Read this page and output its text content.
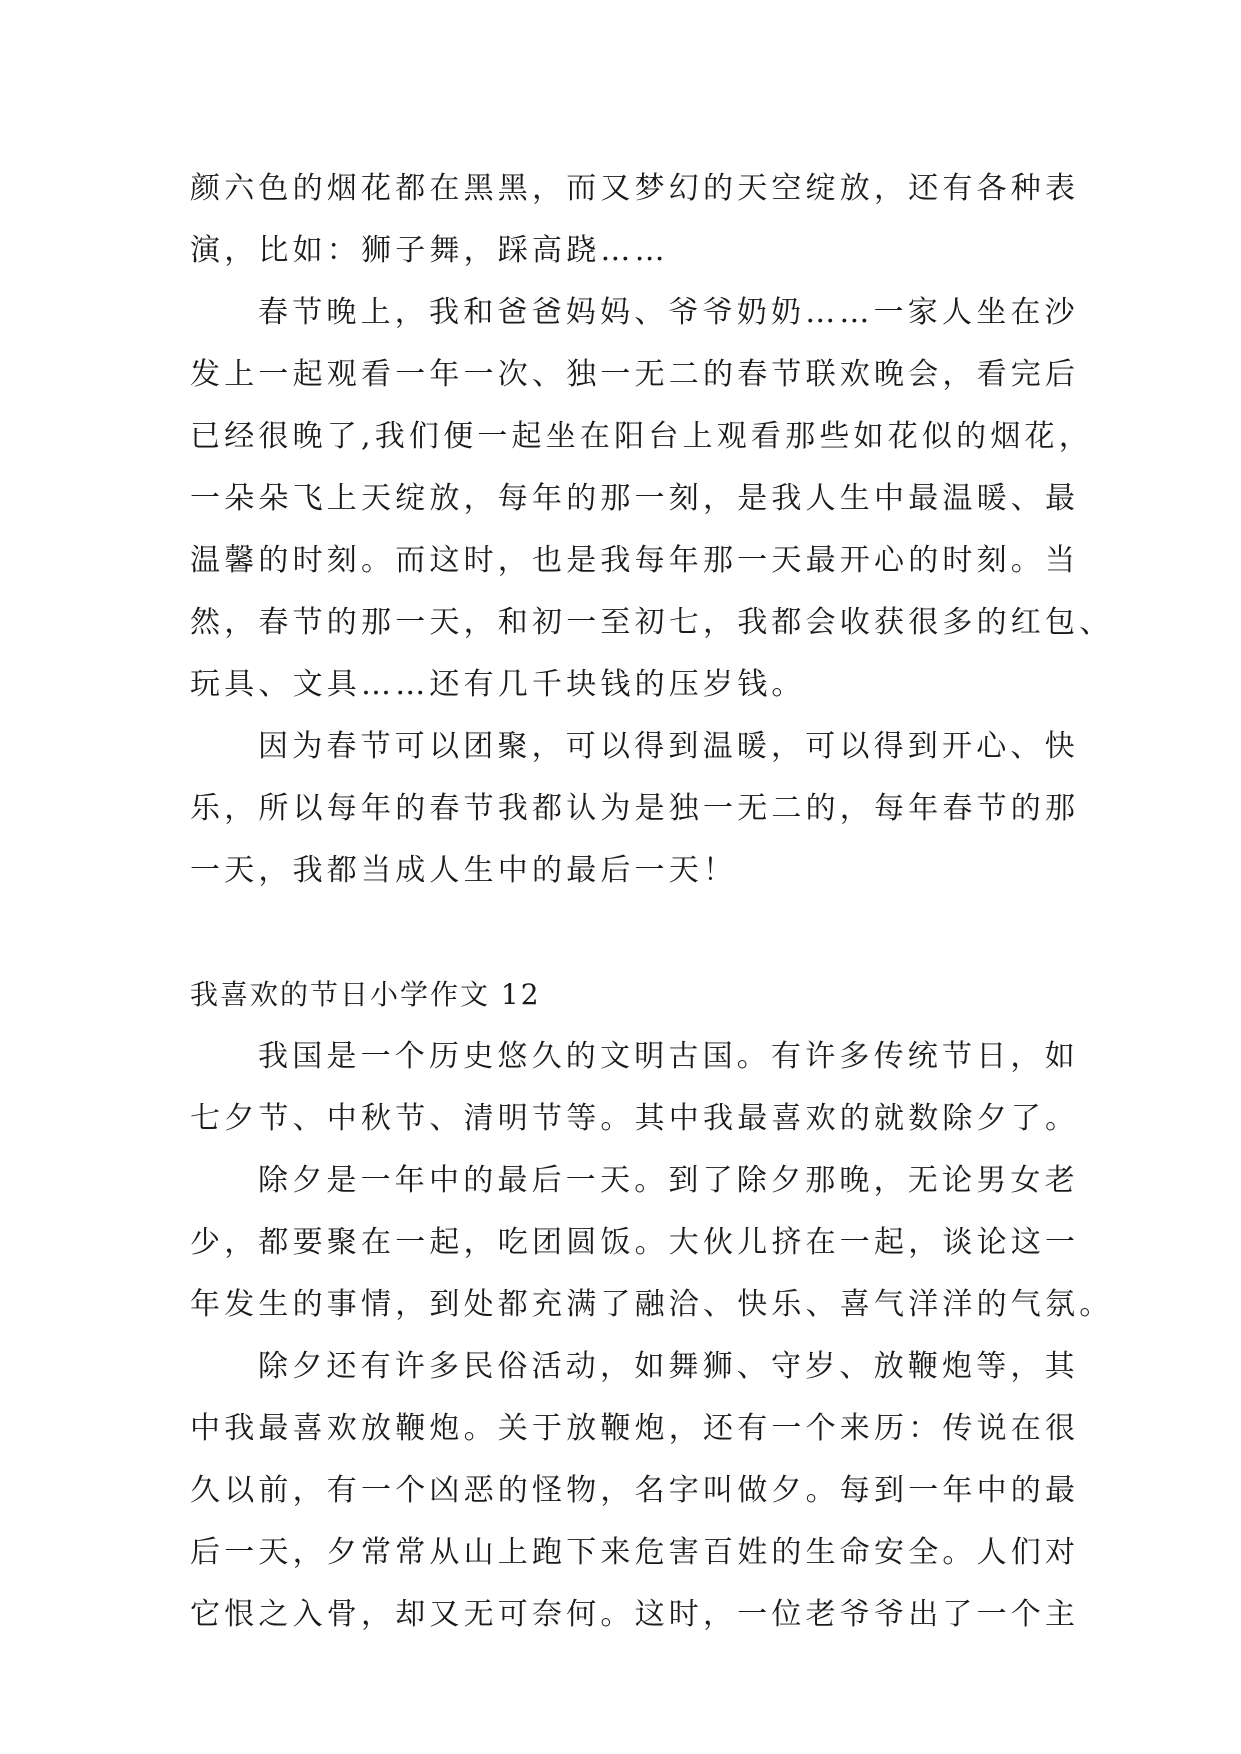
颜六色的烟花都在黑黑，而又梦幻的天空绽放，还有各种表
演，比如：狮子舞，踩高跷……
春节晚上，我和爸爸妈妈、爷爷奶奶……一家人坐在沙
发上一起观看一年一次、独一无二的春节联欢晚会，看完后
已经很晚了,我们便一起坐在阳台上观看那些如花似的烟花，
一朵朵飞上天绽放，每年的那一刻，是我人生中最温暖、最
温馨的时刻。而这时，也是我每年那一天最开心的时刻。当
然，春节的那一天，和初一至初七，我都会收获很多的红包、
玩具、文具……还有几千块钱的压岁钱。
因为春节可以团聚，可以得到温暖，可以得到开心、快
乐，所以每年的春节我都认为是独一无二的，每年春节的那
一天，我都当成人生中的最后一天！
我喜欢的节日小学作文 12
我国是一个历史悠久的文明古国。有许多传统节日，如
七夕节、中秋节、清明节等。其中我最喜欢的就数除夕了。
除夕是一年中的最后一天。到了除夕那晚，无论男女老
少，都要聚在一起，吃团圆饭。大伙儿挤在一起，谈论这一
年发生的事情，到处都充满了融洽、快乐、喜气洋洋的气氛。
除夕还有许多民俗活动，如舞狮、守岁、放鞭炮等，其
中我最喜欢放鞭炮。关于放鞭炮，还有一个来历：传说在很
久以前，有一个凶恶的怪物，名字叫做夕。每到一年中的最
后一天，夕常常从山上跑下来危害百姓的生命安全。人们对
它恨之入骨，却又无可奈何。这时，一位老爷爷出了一个主
